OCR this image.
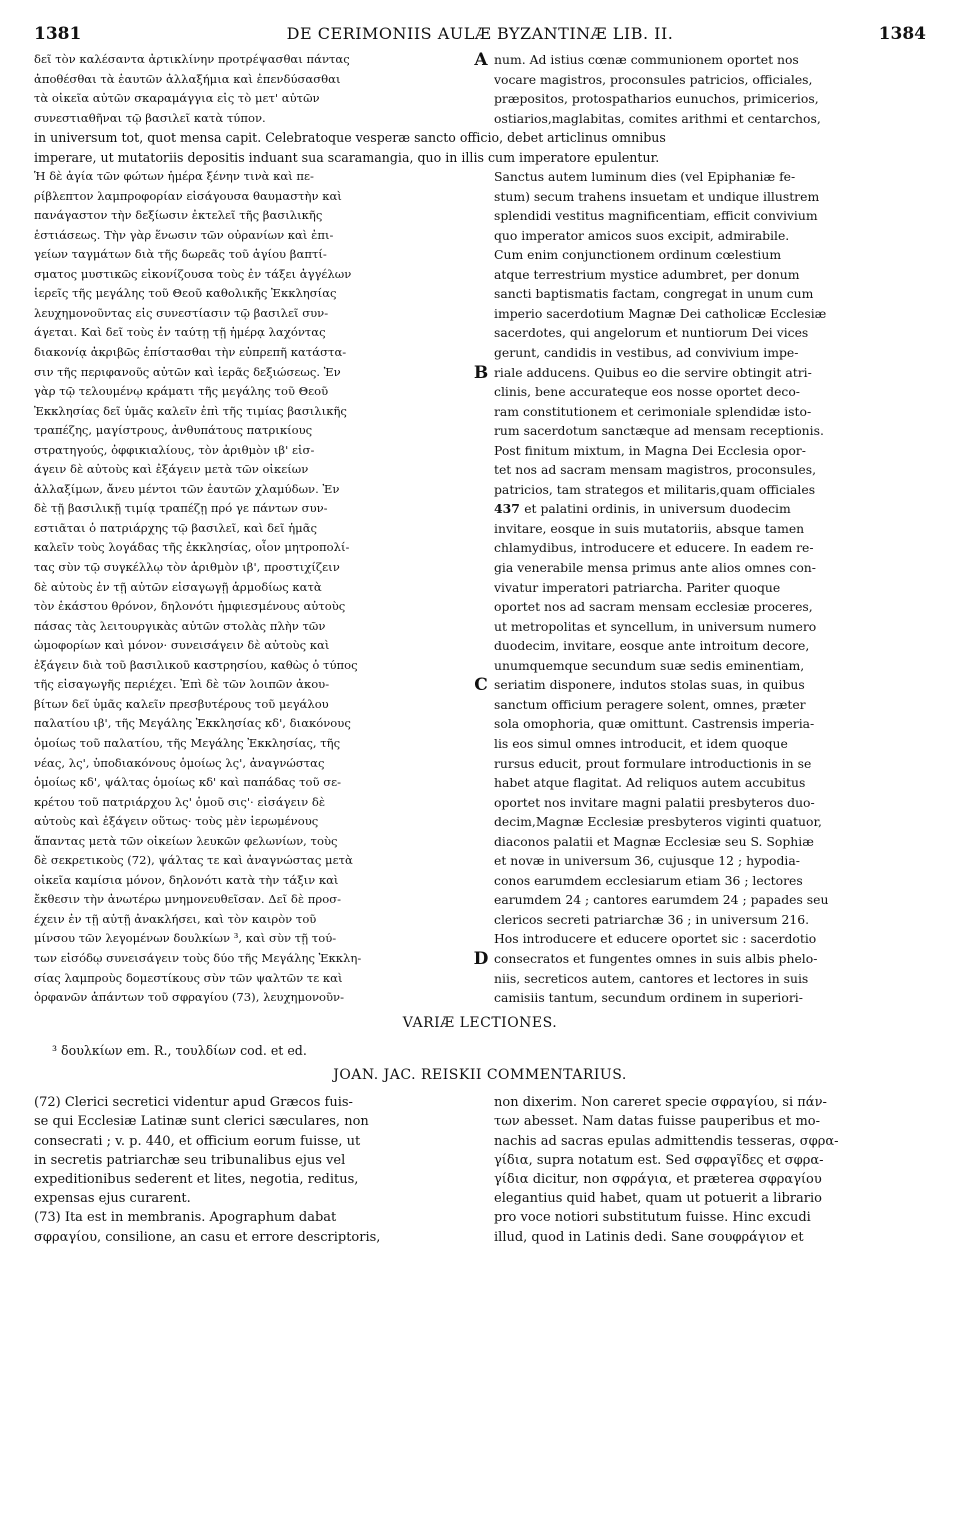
1381	DE CERIMONIIS AULÆ BYZANTINÆ LIB. II.	1384
δεῖ τὸν καλέσαντα ἀρτικλίνην προτρέψασθαι πάντας
ἀποθέσθαι τὰ ἑαυτῶν ἀλλαξήμια καὶ ἐπενδύσασθαι
τὰ οἰκεῖα αὐτῶν σκαραμάγγια εἰς τὸ μετ' αὐτῶν
συνεστιαθῆναι τῷ βασιλεῖ κατὰ τύπον.
A num. Ad istius cœnæ communionem oportet nos
vocare magistros, proconsules patricios, officiales,
præpositos, protospatharios eunuchos, primicerios,
ostiarios,maglabitas, comites arithmi et centarchos,
in universum tot, quot mensa capit. Celebratoque vesperæ sancto officio, debet articlinus omnibus
imperare, ut mutatoriis depositis induant sua scaramangia, quo in illis cum imperatore epulentur.
Ἡ δὲ ἁγία τῶν φώτων ἡμέρα ξένην τινὰ καὶ πε-
ρίβλεπτον λαμπροφορίαν εἰσάγουσα θαυμαστὴν καὶ
πανάγαστον τὴν δεξίωσιν ἐκτελεῖ τῆς βασιλικῆς
ἑστιάσεως. Τὴν γὰρ ἕνωσιν τῶν οὐρανίων καὶ ἐπι-
γείων ταγμάτων διὰ τῆς δωρεᾶς τοῦ ἁγίου βαπτί-
σματος μυστικῶς εἰκονίζουσα τοὺς ἐν τάξει ἀγγέλων
ἱερεῖς τῆς μεγάλης τοῦ Θεοῦ καθολικῆς Ἐκκλησίας
λευχημονοῦντας εἰς συνεστίασιν τῷ βασιλεῖ συν-
άγεται. Καὶ δεῖ τοὺς ἐν ταύτῃ τῇ ἡμέρᾳ λαχόντας
διακονίᾳ ἀκριβῶς ἐπίστασθαι τὴν εὐπρεπῆ κατάστα-
σιν τῆς περιφανοῦς αὐτῶν καὶ ἱερᾶς δεξιώσεως. Ἐν
γὰρ τῷ τελουμένῳ κράματι τῆς μεγάλης τοῦ Θεοῦ
Ἐκκλησίας δεῖ ὑμᾶς καλεῖν ἐπὶ τῆς τιμίας βασιλικῆς
τραπέζης, μαγίστρους, ἀνθυπάτους πατρικίους
στρατηγούς, ὀφφικιαλίους, τὸν ἀριθμὸν ιβ' εἰσ-
άγειν δὲ αὐτοὺς καὶ ἐξάγειν μετὰ τῶν οἰκείων
ἀλλαξίμων, ἄνευ μέντοι τῶν ἑαυτῶν χλαμύδων. Ἐν
δὲ τῇ βασιλικῇ τιμίᾳ τραπέζῃ πρό γε πάντων συν-
εστιᾶται ὁ πατριάρχης τῷ βασιλεῖ, καὶ δεῖ ἡμᾶς
καλεῖν τοὺς λογάδας τῆς ἐκκλησίας, οἷον μητροπολί-
τας σὺν τῷ συγκέλλῳ τὸν ἀριθμὸν ιβ', προστιχίζειν
δὲ αὐτοὺς ἐν τῇ αὐτῶν εἰσαγωγῇ ἁρμοδίως κατὰ
τὸν ἑκάστου θρόνον, δηλονότι ἠμφιεσμένους αὐτοὺς
πάσας τὰς λειτουργικὰς αὐτῶν στολὰς πλὴν τῶν
ὠμοφορίων καὶ μόνον· συνεισάγειν δὲ αὐτοὺς καὶ
ἐξάγειν διὰ τοῦ βασιλικοῦ καστρησίου, καθὼς ὁ τύπος
τῆς εἰσαγωγῆς περιέχει. Ἐπὶ δὲ τῶν λοιπῶν ἀκου-
βίτων δεῖ ὑμᾶς καλεῖν πρεσβυτέρους τοῦ μεγάλου
παλατίου ιβ', τῆς Μεγάλης Ἐκκλησίας κδ', διακόνους
ὁμοίως τοῦ παλατίου, τῆς Μεγάλης Ἐκκλησίας, τῆς
νέας, λς', ὑποδιακόνους ὁμοίως λς', ἀναγνώστας
ὁμοίως κδ', ψάλτας ὁμοίως κδ' καὶ παπάδας τοῦ σε-
κρέτου τοῦ πατριάρχου λς' ὁμοῦ σις'· εἰσάγειν δὲ
αὐτοὺς καὶ ἐξάγειν οὕτως· τοὺς μὲν ἱερωμένους
ἅπαντας μετὰ τῶν οἰκείων λευκῶν φελωνίων, τοὺς
δὲ σεκρετικοὺς (72), ψάλτας τε καὶ ἀναγνώστας μετὰ
οἰκεῖα καμίσια μόνον, δηλονότι κατὰ τὴν τάξιν καὶ
ἔκθεσιν τὴν ἀνωτέρω μνημονευθεῖσαν. Δεῖ δὲ προσ-
έχειν ἐν τῇ αὐτῇ ἀνακλήσει, καὶ τὸν καιρὸν τοῦ
μίνσου τῶν λεγομένων δουλκίων ³, καὶ σὺν τῇ τού-
των εἰσόδῳ συνεισάγειν τοὺς δύο τῆς Μεγάλης Ἐκκλη-
σίας λαμπροὺς δομεστίκους σὺν τῶν ψαλτῶν τε καὶ
ὀρφανῶν ἁπάντων τοῦ σφραγίου (73), λευχημονοῦν-
B
C
D
Sanctus autem luminum dies (vel Epiphaniæ fe-
stum) secum trahens insuetam et undique illustrem
splendidi vestitus magnificentiam, efficit convivium
quo imperator amicos suos excipit, admirabile.
Cum enim conjunctionem ordinum cœlestium
atque terrestrium mystice adumbret, per donum
sancti baptismatis factam, congregat in unum cum
imperio sacerdotium Magnæ Dei catholicæ Ecclesiæ
sacerdotes, qui angelorum et nuntiorum Dei vices
gerunt, candidis in vestibus, ad convivium impe-
riale adducens. Quibus eo die servire obtingit atri-
clinis, bene accurateque eos nosse oportet deco-
ram constitutionem et cerimoniale splendidæ isto-
rum sacerdotum sanctæque ad mensam receptionis.
Post finitum mixtum, in Magna Dei Ecclesia opor-
tet nos ad sacram mensam magistros, proconsules,
patricios, tam strategos et militaris,quam officiales
437 et palatini ordinis, in universum duodecim
invitare, eosque in suis mutatoriis, absque tamen
chlamydibus, introducere et educere. In eadem re-
gia venerabile mensa primus ante alios omnes con-
vivatur imperatori patriarcha. Pariter quoque
oportet nos ad sacram mensam ecclesiæ proceres,
ut metropolitas et syncellum, in universum numero
duodecim, invitare, eosque ante introitum decore,
unumquemque secundum suæ sedis eminentiam,
seriatim disponere, indutos stolas suas, in quibus
sanctum officium peragere solent, omnes, præter
sola omophoria, quæ omittunt. Castrensis imperia-
lis eos simul omnes introducit, et idem quoque
rursus educit, prout formulare introductionis in se
habet atque flagitat. Ad reliquos autem accubitus
oportet nos invitare magni palatii presbyteros duo-
decim,Magnæ Ecclesiæ presbyteros viginti quatuor,
diaconos palatii et Magnæ Ecclesiæ seu S. Sophiæ
et novæ in universum 36, cujusque 12 ; hypodia-
conos earumdem ecclesiarum etiam 36 ; lectores
earumdem 24 ; cantores earumdem 24 ; papades seu
clericos secreti patriarchæ 36 ; in universum 216.
Hos introducere et educere oportet sic : sacerdotio
consecratos et fungentes omnes in suis albis phelo-
niis, secreticos autem, cantores et lectores in suis
camisiis tantum, secundum ordinem in superiori-
VARIÆ LECTIONES.
³ δουλκίων em. R., τουλδίων cod. et ed.
JOAN. JAC. REISKII COMMENTARIUS.
(72) Clerici secretici videntur apud Græcos fuis-
se qui Ecclesiæ Latinæ sunt clerici sæculares, non
consecrati ; v. p. 440, et officium eorum fuisse, ut
in secretis patriarchæ seu tribunalibus ejus vel
expeditionibus sederent et lites, negotia, reditus,
expensas ejus curarent.
(73) Ita est in membranis. Apographum dabat
σφραγίου, consilione, an casu et errore descriptoris,
non dixerim. Non careret specie σφραγίου, si πάν-
των abesset. Nam datas fuisse pauperibus et mo-
nachis ad sacras epulas admittendis tesseras, σφρα-
γίδια, supra notatum est. Sed σφραγῖδες et σφρα-
γίδια dicitur, non σφράγια, et præterea σφραγίου
elegantius quid habet, quam ut potuerit a librario
pro voce notiori substitutum fuisse. Hinc excudi
illud, quod in Latinis dedi. Sane σουφράγιον et
